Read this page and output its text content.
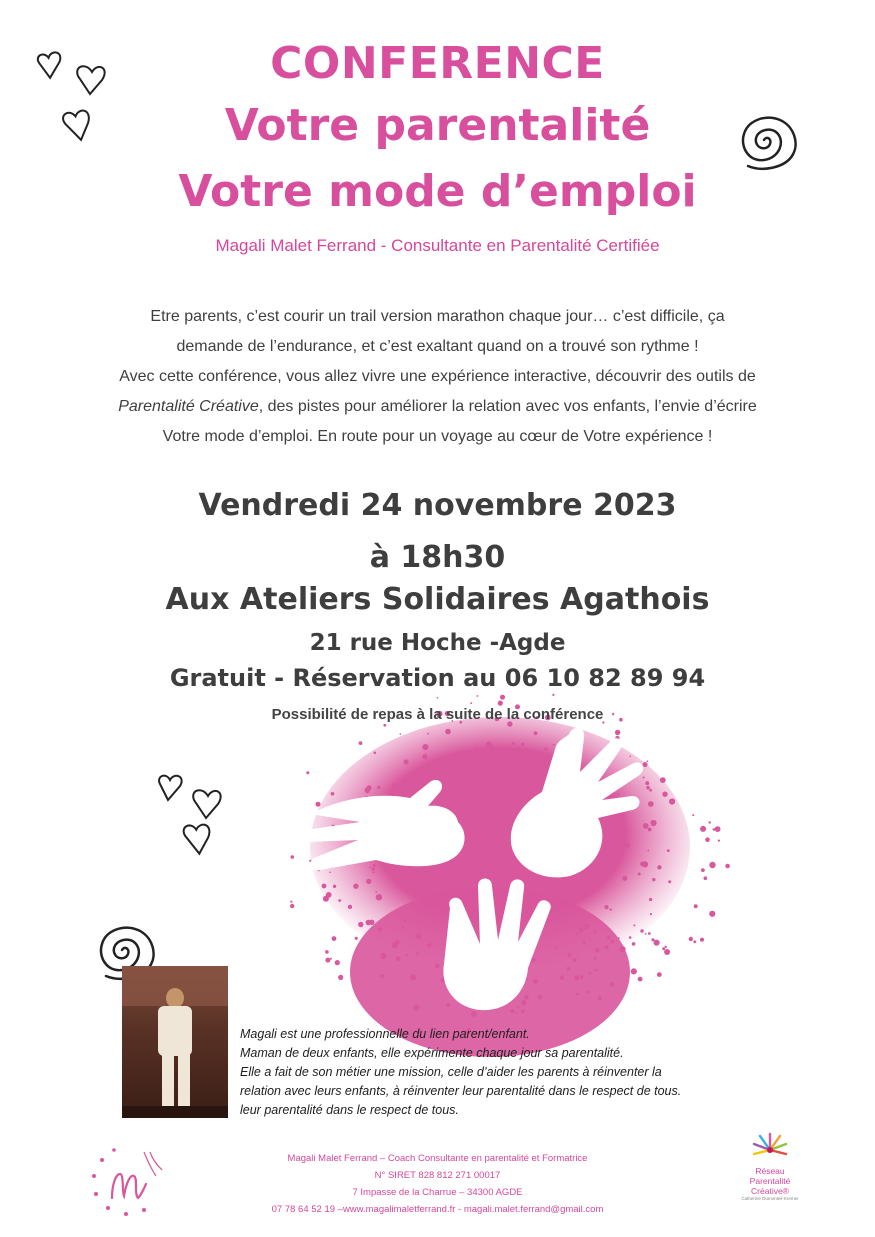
CONFERENCE
Votre parentalité
Votre mode d’emploi
Magali Malet Ferrand - Consultante en Parentalité Certifiée
Etre parents, c’est courir un trail version marathon chaque jour… c’est difficile, ça
demande de l’endurance, et c’est exaltant quand on a trouvé son rythme !
Avec cette conférence, vous allez vivre une expérience interactive, découvrir des outils de
Parentalité Créative, des pistes pour améliorer la relation avec vos enfants, l’envie d’écrire
Votre mode d’emploi. En route pour un voyage au cœur de Votre expérience !
Vendredi 24 novembre 2023
à 18h30
Aux Ateliers Solidaires Agathois
21 rue Hoche -Agde
Gratuit - Réservation au 06 10 82 89 94
Possibilité de repas à la suite de la conférence
Magali est une professionnelle du lien parent/enfant.
Maman de deux enfants, elle expérimente chaque jour sa parentalité.
Elle a fait de son métier une mission, celle d’aider les parents à réinventer la
relation avec leurs enfants, à réinventer leur parentalité dans le respect de tous.
leur parentalité dans le respect de tous.
Magali Malet Ferrand – Coach Consultante en parentalité et Formatrice
N° SIRET 828 812 271 00017
7 Impasse de la Charrue – 34300 AGDE
07 78 64 52 19 –www.magalimaletferrand.fr - magali.malet.ferrand@gmail.com
Réseau
Parentalité
Créative®
Catherine Dumonteil-Kremer
